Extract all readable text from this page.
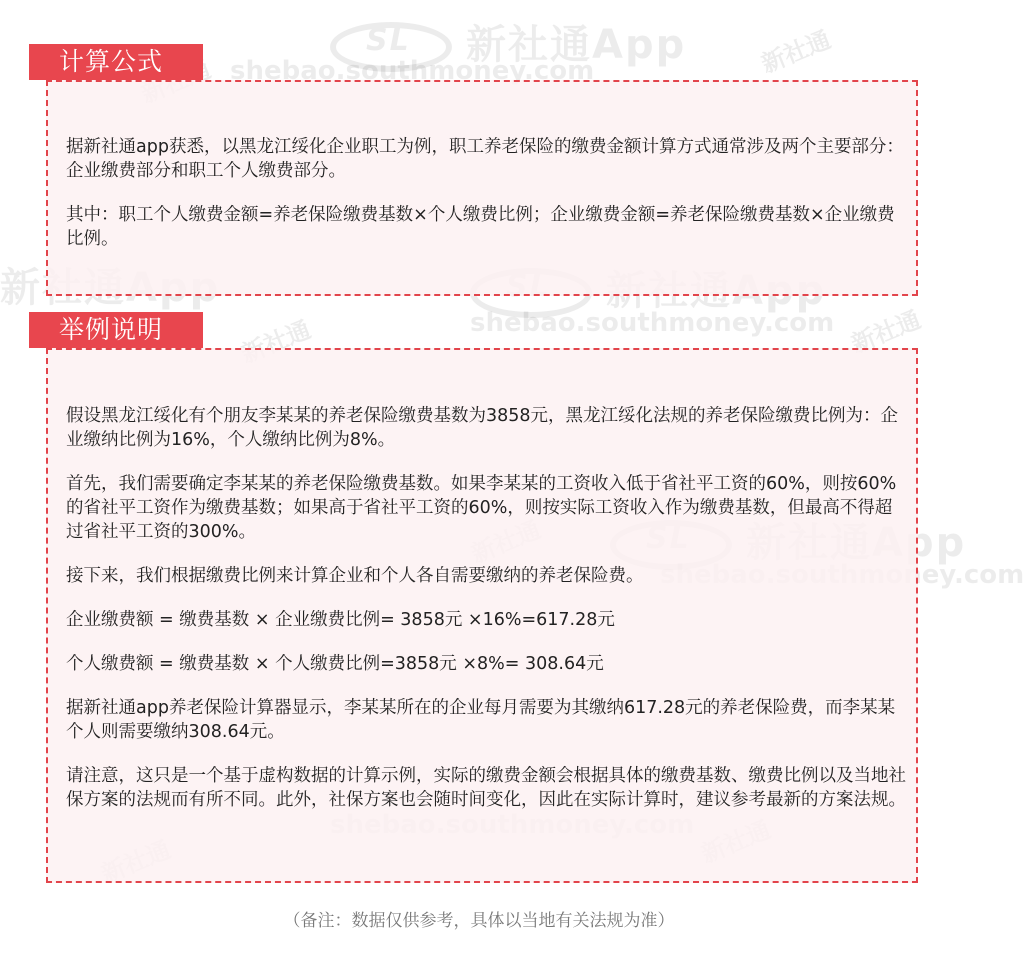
SL新社通App
shebao.southmoney.com	新社通
SL
shebao.southmoney.com
新社通	新社通
SL
计算公式

据新社通app获悉，以黑龙江绥化企业职工为例，职工养老保险的缴费金额计算方式通常涉及两个主要部分：企业缴费部分和职工个人缴费部分。

其中：职工个人缴费金额=养老保险缴费基数×个人缴费比例；企业缴费金额=养老保险缴费基数×企业缴费比例。

举例说明

假设黑龙江绥化有个朋友李某某的养老保险缴费基数为3858元，黑龙江绥化法规的养老保险缴费比例为：企业缴纳比例为16%，个人缴纳比例为8%。

首先，我们需要确定李某某的养老保险缴费基数。如果李某某的工资收入低于省社平工资的60%，则按60%的省社平工资作为缴费基数；如果高于省社平工资的60%，则按实际工资收入作为缴费基数，但最高不得超过省社平工资的300%。

接下来，我们根据缴费比例来计算企业和个人各自需要缴纳的养老保险费。

企业缴费额 = 缴费基数 × 企业缴费比例= 3858元 ×16%=617.28元

个人缴费额 = 缴费基数 × 个人缴费比例=3858元 ×8%= 308.64元

据新社通app养老保险计算器显示，李某某所在的企业每月需要为其缴纳617.28元的养老保险费，而李某某个人则需要缴纳308.64元。

请注意，这只是一个基于虚构数据的计算示例，实际的缴费金额会根据具体的缴费基数、缴费比例以及当地社保方案的法规而有所不同。此外，社保方案也会随时间变化，因此在实际计算时，建议参考最新的方案法规。

（备注：数据仅供参考，具体以当地有关法规为准）
